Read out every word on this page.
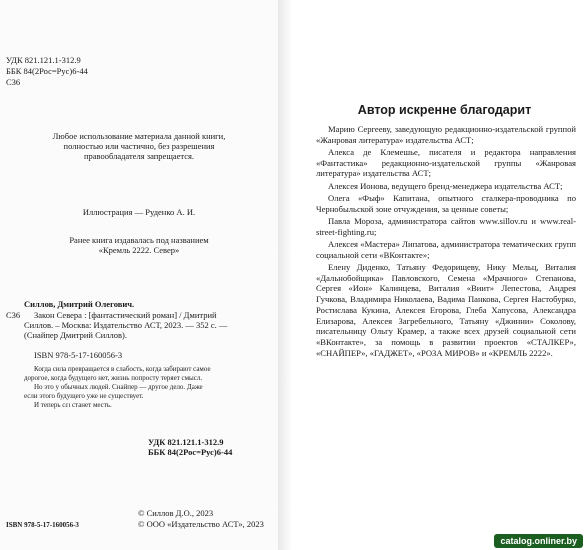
УДК 821.121.1-312.9
ББК 84(2Рос=Рус)6-44
С36
Любое использование материала данной книги,
полностью или частично, без разрешения
правообладателя запрещается.
Иллюстрация — Руденко А. И.
Ранее книга издавалась под названием
«Кремль 2222. Север»
Силлов, Дмитрий Олегович.
С36 Закон Севера : [фантастический роман] / Дмитрий
Силлов. – Москва: Издательство АСТ, 2023. — 352 с. —
(Снайпер Дмитрий Силлов).
ISBN 978-5-17-160056-3
Когда сила превращается в слабость, когда забирают самое
дорогое, когда будущего нет, жизнь попросту теряет смысл.
Но это у обычных людей. Снайпер — другое дело. Даже
если этого будущего уже не существует.
И теперь сει станет месть.
УДК 821.121.1-312.9
ББК 84(2Рос=Рус)6-44
© Силлов Д.О., 2023
ISBN 978-5-17-160056-3	© ООО «Издательство АСТ», 2023
Автор искренне благодарит

Марию Сергееву, заведующую редакционно-издательской группой «Жанровая литература» издательства АСТ;

Алекса де Клемешье, писателя и редактора направления «Фантастика» редакционно-издательской группы «Жанровая литература» издательства АСТ;

Алексея Ионова, ведущего бренд-менеджера издательства АСТ;

Олега «Фыф» Капитана, опытного сталкера-проводника по Чернобыльской зоне отчуждения, за ценные советы;

Павла Мороза, администратора сайтов www.sillov.ru и www.real-street-fighting.ru;

Алексея «Мастера» Липатова, администратора тематических групп социальной сети «ВКонтакте»;

Елену Диденко, Татьяну Федорищеву, Нику Мельц, Виталия «Дальнобойщика» Павловского, Семена «Мрачного» Степанова, Сергея «Ион» Калинцева, Виталия «Виит» Лепестова, Андрея Гучкова, Владимира Николаева, Вадима Панкова, Сергея Настобурко, Ростислава Кукина, Алексея Егорова, Глеба Хапусова, Александра Елизарова, Алексея Загребельного, Татьяну «Джинни» Соколову, писательницу Ольгу Крамер, а также всех друзей социальной сети «ВКонтакте», за помощь в развитии проектов «СТАЛКЕР», «СНАЙПЕР», «ГАДЖЕТ», «РОЗА МИРОВ» и «КРЕМЛЬ 2222».

catalog.onliner.by
